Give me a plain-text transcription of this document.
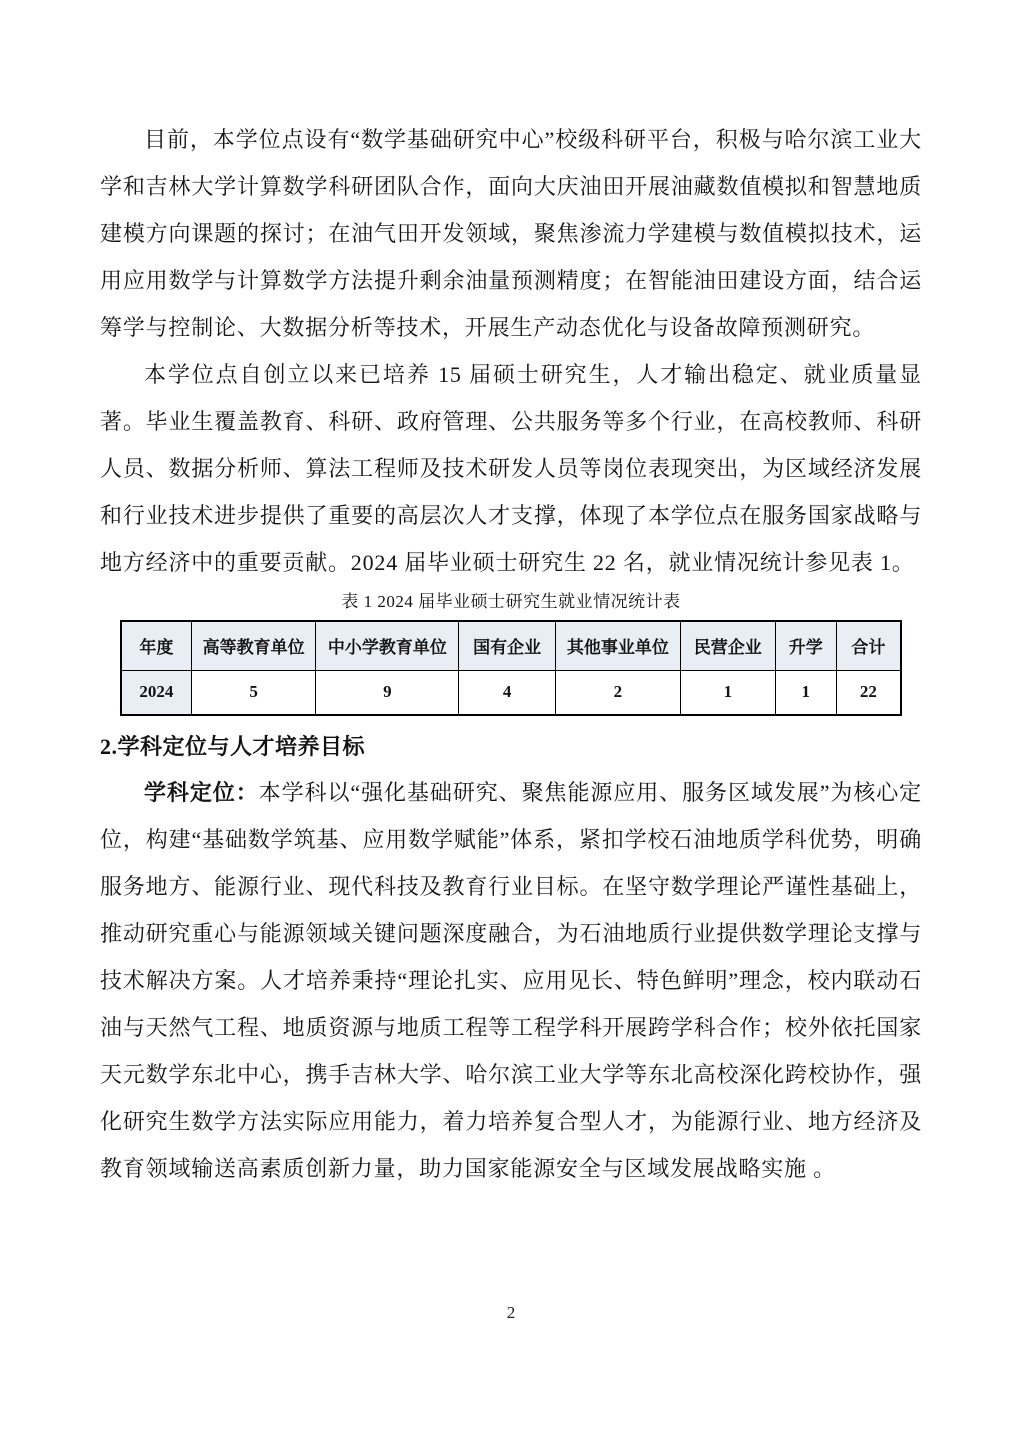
目前，本学位点设有“数学基础研究中心”校级科研平台，积极与哈尔滨工业大学和吉林大学计算数学科研团队合作，面向大庆油田开展油藏数值模拟和智慧地质建模方向课题的探讨；在油气田开发领域，聚焦渗流力学建模与数值模拟技术，运用应用数学与计算数学方法提升剩余油量预测精度；在智能油田建设方面，结合运筹学与控制论、大数据分析等技术，开展生产动态优化与设备故障预测研究。

本学位点自创立以来已培养 15 届硕士研究生，人才输出稳定、就业质量显著。毕业生覆盖教育、科研、政府管理、公共服务等多个行业，在高校教师、科研人员、数据分析师、算法工程师及技术研发人员等岗位表现突出，为区域经济发展和行业技术进步提供了重要的高层次人才支撑，体现了本学位点在服务国家战略与地方经济中的重要贡献。2024 届毕业硕士研究生 22 名，就业情况统计参见表 1。

表 1 2024 届毕业硕士研究生就业情况统计表
年度	高等教育单位	中小学教育单位	国有企业	其他事业单位	民营企业	升学	合计
2024	5	9	4	2	1	1	22
2.学科定位与人才培养目标

学科定位：本学科以“强化基础研究、聚焦能源应用、服务区域发展”为核心定位，构建“基础数学筑基、应用数学赋能”体系，紧扣学校石油地质学科优势，明确服务地方、能源行业、现代科技及教育行业目标。在坚守数学理论严谨性基础上，推动研究重心与能源领域关键问题深度融合，为石油地质行业提供数学理论支撑与技术解决方案。人才培养秉持“理论扎实、应用见长、特色鲜明”理念，校内联动石油与天然气工程、地质资源与地质工程等工程学科开展跨学科合作；校外依托国家天元数学东北中心，携手吉林大学、哈尔滨工业大学等东北高校深化跨校协作，强化研究生数学方法实际应用能力，着力培养复合型人才，为能源行业、地方经济及教育领域输送高素质创新力量，助力国家能源安全与区域发展战略实施 。

2
